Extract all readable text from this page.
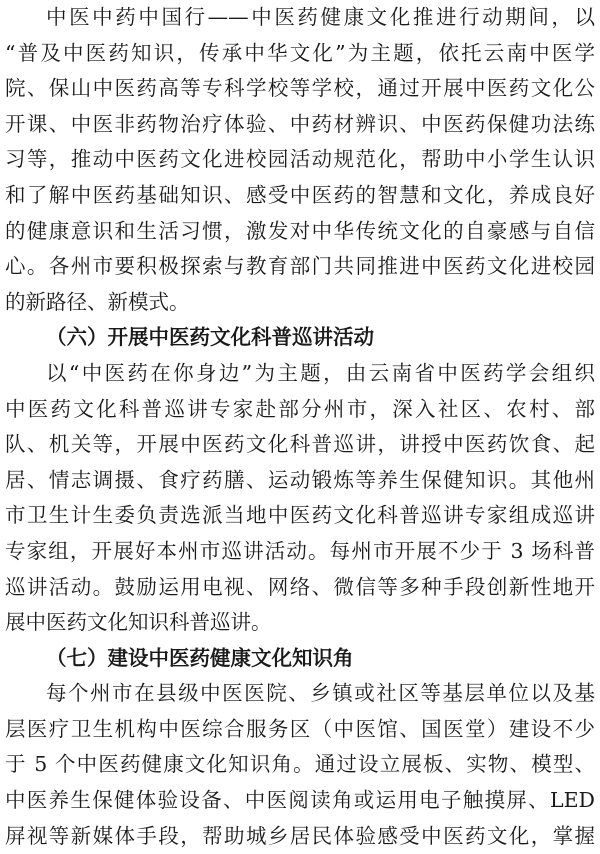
中医中药中国行——中医药健康文化推进行动期间，以
“普及中医药知识，传承中华文化”为主题，依托云南中医学
院、保山中医药高等专科学校等学校，通过开展中医药文化公
开课、中医非药物治疗体验、中药材辨识、中医药保健功法练
习等，推动中医药文化进校园活动规范化，帮助中小学生认识
和了解中医药基础知识、感受中医药的智慧和文化，养成良好
的健康意识和生活习惯，激发对中华传统文化的自豪感与自信
心。各州市要积极探索与教育部门共同推进中医药文化进校园
的新路径、新模式。
（六）开展中医药文化科普巡讲活动
以“中医药在你身边”为主题，由云南省中医药学会组织
中医药文化科普巡讲专家赴部分州市，深入社区、农村、部
队、机关等，开展中医药文化科普巡讲，讲授中医药饮食、起
居、情志调摄、食疗药膳、运动锻炼等养生保健知识。其他州
市卫生计生委负责选派当地中医药文化科普巡讲专家组成巡讲
专家组，开展好本州市巡讲活动。每州市开展不少于 3 场科普
巡讲活动。鼓励运用电视、网络、微信等多种手段创新性地开
展中医药文化知识科普巡讲。
（七）建设中医药健康文化知识角
每个州市在县级中医医院、乡镇或社区等基层单位以及基
层医疗卫生机构中医综合服务区（中医馆、国医堂）建设不少
于 5 个中医药健康文化知识角。通过设立展板、实物、模型、
中医养生保健体验设备、中医阅读角或运用电子触摸屏、LED
屏视等新媒体手段，帮助城乡居民体验感受中医药文化，掌握
